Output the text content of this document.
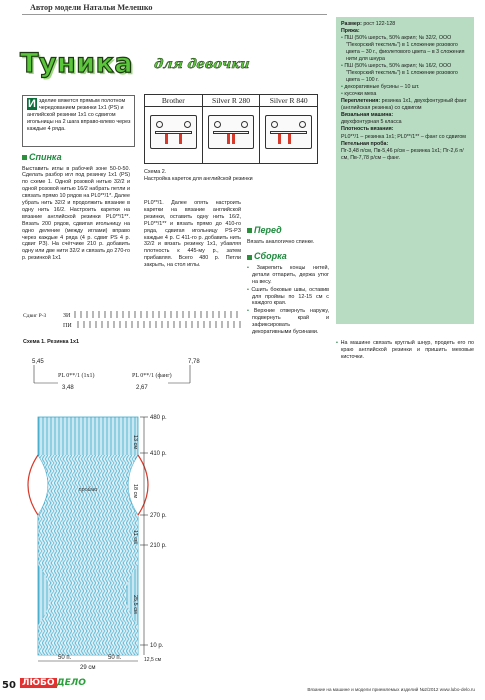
Автор модели Натальи Мелешко
Туника для девочки
Размер: рост 122-128
Пряжа:
• ПШ (50% шерсть, 50% акрил; № 32/2, ООО "Пехорский текстиль") в 1 сложение розового цвета – 30 г., фиолетового цвета – в 3 сложения нити для шнура
• ПШ (50% шерсть, 50% акрил; № 16/2, ООО "Пехорский текстиль") в 1 сложение розового цвета – 100 г.
• декоративные бусины – 10 шт.
• кусочки меха
Переплетения: резинка 1x1, двухфонтурный фанг (английская резинка) со сдвигом
Вязальная машина:
двухфонтурная 5 класса
Плотность вязания:
PL0**/1 – резинка 1x1; PL0**/1** – фанг со сдвигом
Петельная проба:
Пг-3,48 п/см, Пв-5,46 р/см – резинка 1x1; Пг-2,6 п/см, Пв-7,78 р/см – фанг.
И зделие вяжется прямым полотном чередованием резинки 1x1 (PS) и английской резинки 1x1 со сдвигом игольницы на 2 шага вправо-влево через каждые 4 ряда.
Спинка
Выставить иглы в рабочей зоне 50-0-50. Сделать разбор игл под резинку 1x1 (PS) по схеме 1. Одной розовой нитью 32/2 и одной розовой нитью 16/2 набрать петли и связать прямо 10 рядов на PL0**/1*. Далее убрать нить 32/2 и продолжить вязание в одну нить 16/2. Настроить каретки на вязание английской резинки PL0**/1**. Вязать 200 рядов, сдвигая игольницу на одно деление (между иглами) вправо через каждые 4 ряда (4 р. сдвиг PS 4 р. сдвиг PЗ). На счётчике 210 р. добавить одну или две нити 32/2 и связать до 270-го р. резинкой 1x1
Brother	Silver R 280	Silver R 840
Схема 2.
Настройка кареток для английской резинки
PL0**/1. Далее опять настроить каретки на вязание английской резинки, оставить одну нить 16/2, PL0**/1** и вязать прямо до 410-го ряда, сдвигая игольницу PS-PЗ каждые 4 р. С 411-го р. добавить нить 32/2 и вязать резинку 1x1, убавляя плотность к 445-му р., затем прибавляя. Всего 480 р. Петли закрыть, на стол иглы.
Перед
Вязать аналогично спинке.
Сборка
• Закрепить концы нитей, детали отпарить, держа утюг на весу.
• Сшить боковые швы, оставив для проймы по 12-15 см с каждого края.
• Верхние отвернуть наружу, подвернуть край и зафиксировать декоративными бусинами.
• На машине связать круглый шнур, продеть его по краю английской резинки и пришить меховые кисточки.
Сдвиг P-3	ЗИ
ПИ
Схема 1. Резинка 1x1
пройма
5,45
PL 0**/1 (1x1)
3,48
7,78
PL 0**/1 (фанг)
2,67
480 р.
410 р.
270 р.
210 р.
10 р.
13 см
18 см
11 см
25,5 см
50 п.	50 п.
29 см
12,5 см
50 ЛЮБО ДЕЛО
Вязание на машине и модели приемлемых изделий №2/2012 www.lubo-delo.ru
